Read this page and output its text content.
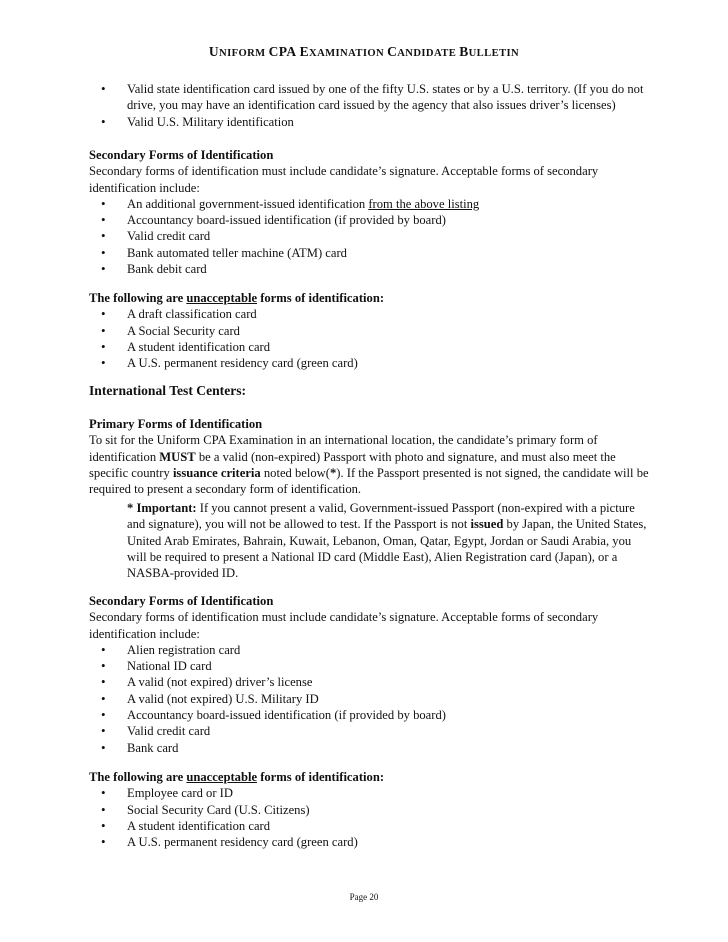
UNIFORM CPA EXAMINATION CANDIDATE BULLETIN
• Valid state identification card issued by one of the fifty U.S. states or by a U.S. territory. (If you do not drive, you may have an identification card issued by the agency that also issues driver’s licenses)
• Valid U.S. Military identification
Secondary Forms of Identification
Secondary forms of identification must include candidate’s signature. Acceptable forms of secondary identification include:
• An additional government-issued identification from the above listing
• Accountancy board-issued identification (if provided by board)
• Valid credit card
• Bank automated teller machine (ATM) card
• Bank debit card
The following are unacceptable forms of identification:
• A draft classification card
• A Social Security card
• A student identification card
• A U.S. permanent residency card (green card)
International Test Centers:
Primary Forms of Identification
To sit for the Uniform CPA Examination in an international location, the candidate’s primary form of identification MUST be a valid (non-expired) Passport with photo and signature, and must also meet the specific country issuance criteria noted below(*). If the Passport presented is not signed, the candidate will be required to present a secondary form of identification.
* Important: If you cannot present a valid, Government-issued Passport (non-expired with a picture and signature), you will not be allowed to test. If the Passport is not issued by Japan, the United States, United Arab Emirates, Bahrain, Kuwait, Lebanon, Oman, Qatar, Egypt, Jordan or Saudi Arabia, you will be required to present a National ID card (Middle East), Alien Registration card (Japan), or a NASBA-provided ID.
Secondary Forms of Identification
Secondary forms of identification must include candidate’s signature. Acceptable forms of secondary identification include:
• Alien registration card
• National ID card
• A valid (not expired) driver’s license
• A valid (not expired) U.S. Military ID
• Accountancy board-issued identification (if provided by board)
• Valid credit card
• Bank card
The following are unacceptable forms of identification:
• Employee card or ID
• Social Security Card (U.S. Citizens)
• A student identification card
• A U.S. permanent residency card (green card)
Page 20
